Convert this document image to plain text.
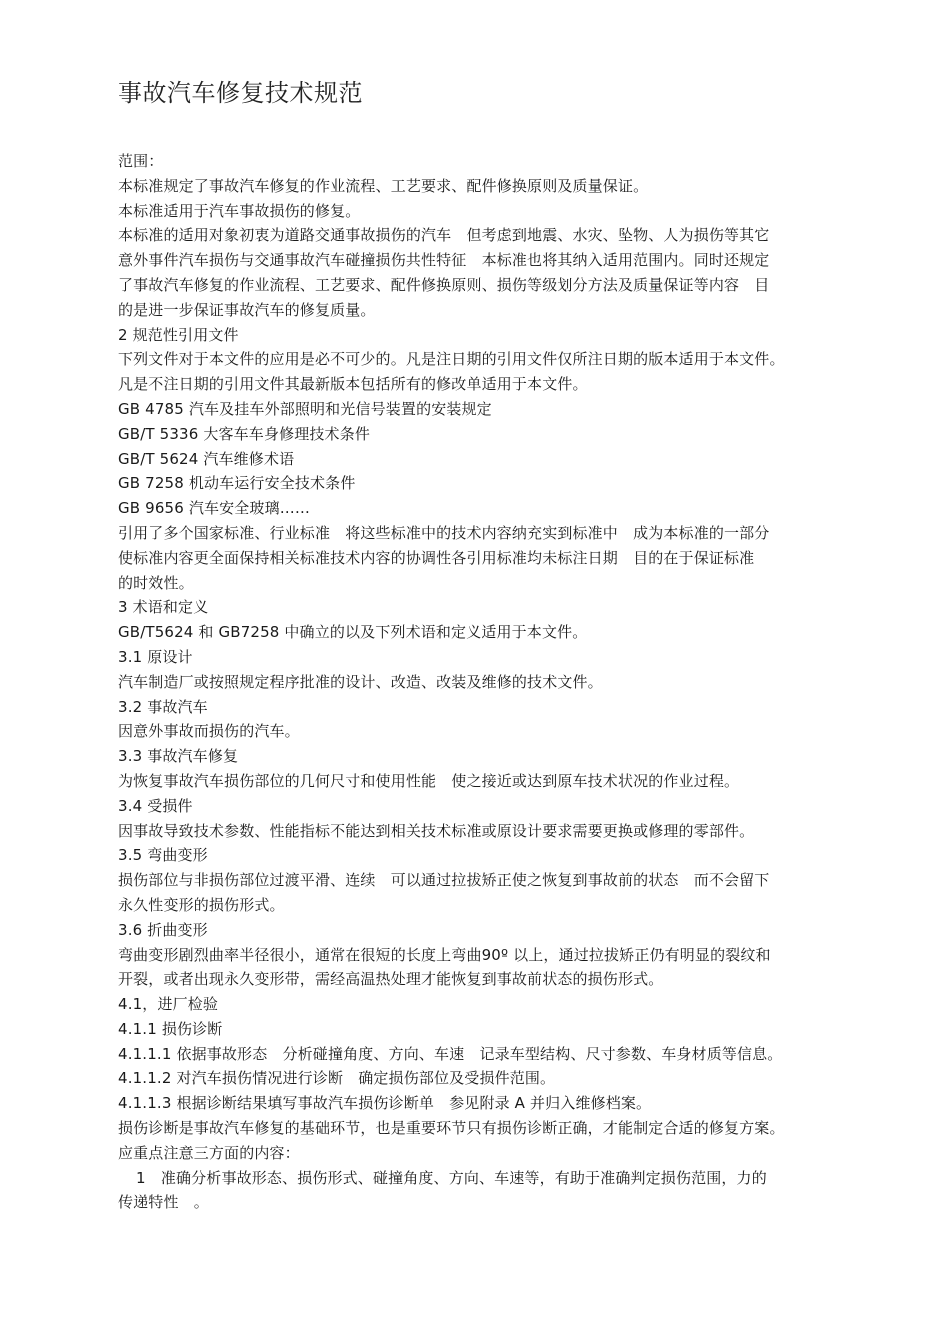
事故汽车修复技术规范
范围：
本标准规定了事故汽车修复的作业流程、工艺要求、配件修换原则及质量保证。
本标准适用于汽车事故损伤的修复。
本标准的适用对象初衷为道路交通事故损伤的汽车　但考虑到地震、水灾、坠物、人为损伤等其它
意外事件汽车损伤与交通事故汽车碰撞损伤共性特征　本标准也将其纳入适用范围内。同时还规定
了事故汽车修复的作业流程、工艺要求、配件修换原则、损伤等级划分方法及质量保证等内容　目
的是进一步保证事故汽车的修复质量。
2 规范性引用文件
下列文件对于本文件的应用是必不可少的。凡是注日期的引用文件仅所注日期的版本适用于本文件。
凡是不注日期的引用文件其最新版本包括所有的修改单适用于本文件。
GB 4785 汽车及挂车外部照明和光信号装置的安装规定
GB/T 5336 大客车车身修理技术条件
GB/T 5624 汽车维修术语
GB 7258 机动车运行安全技术条件
GB 9656 汽车安全玻璃……
引用了多个国家标准、行业标准　将这些标准中的技术内容纳充实到标准中　成为本标准的一部分
使标准内容更全面保持相关标准技术内容的协调性各引用标准均未标注日期　目的在于保证标准
的时效性。
3 术语和定义
GB/T5624 和 GB7258 中确立的以及下列术语和定义适用于本文件。
3.1 原设计
汽车制造厂或按照规定程序批准的设计、改造、改装及维修的技术文件。
3.2 事故汽车
因意外事故而损伤的汽车。
3.3 事故汽车修复
为恢复事故汽车损伤部位的几何尺寸和使用性能　使之接近或达到原车技术状况的作业过程。
3.4 受损件
因事故导致技术参数、性能指标不能达到相关技术标准或原设计要求需要更换或修理的零部件。
3.5 弯曲变形
损伤部位与非损伤部位过渡平滑、连续　可以通过拉拔矫正使之恢复到事故前的状态　而不会留下
永久性变形的损伤形式。
3.6 折曲变形
弯曲变形剧烈曲率半径很小，通常在很短的长度上弯曲90º 以上，通过拉拔矫正仍有明显的裂纹和
开裂，或者出现永久变形带，需经高温热处理才能恢复到事故前状态的损伤形式。
4.1，进厂检验
4.1.1 损伤诊断
4.1.1.1 依据事故形态　分析碰撞角度、方向、车速　记录车型结构、尺寸参数、车身材质等信息。
4.1.1.2 对汽车损伤情况进行诊断　确定损伤部位及受损件范围。
4.1.1.3 根据诊断结果填写事故汽车损伤诊断单　参见附录 A 并归入维修档案。
损伤诊断是事故汽车修复的基础环节，也是重要环节只有损伤诊断正确，才能制定合适的修复方案。
应重点注意三方面的内容：
1　准确分析事故形态、损伤形式、碰撞角度、方向、车速等，有助于准确判定损伤范围，力的
传递特性　。
